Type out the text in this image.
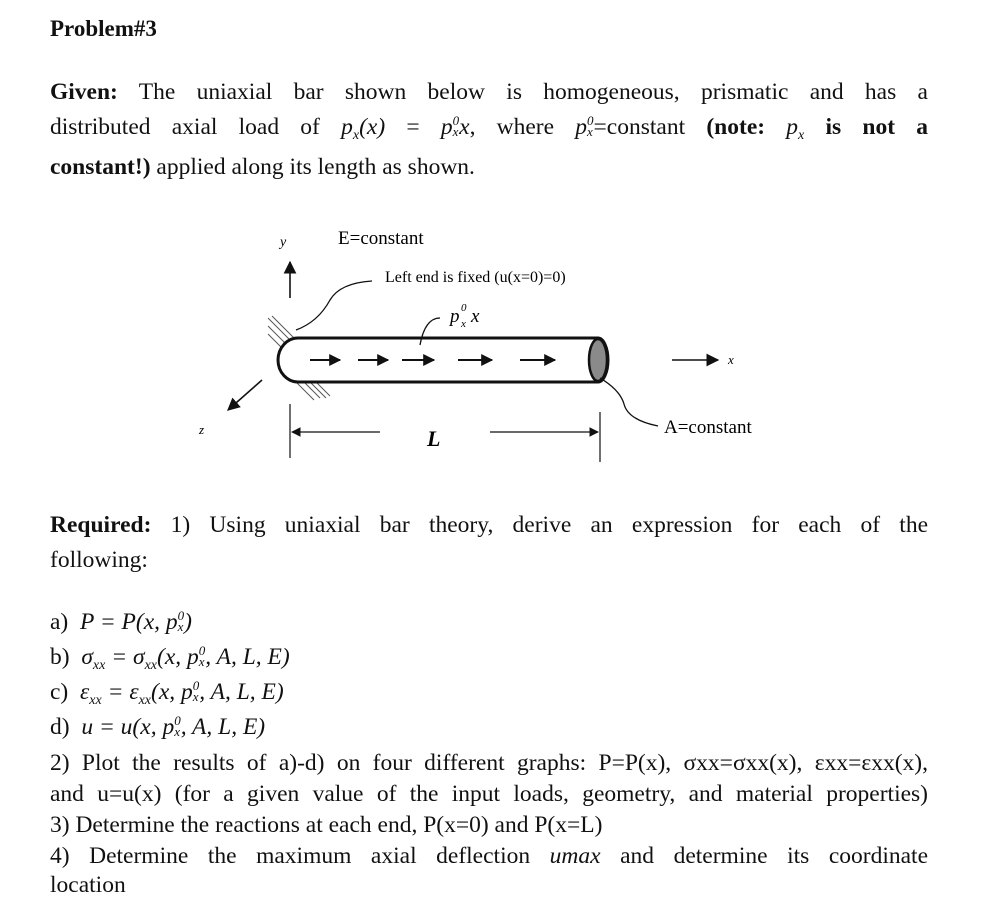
Problem#3
Given: The uniaxial bar shown below is homogeneous, prismatic and has a
distributed axial load of $p_x(x) = p$ 0
x x, where p 0
x =constant (note: $p_x$ is not a
constant!) applied along its length as shown.
y
z
E=constant
Left end is fixed (u(x=0)=0)
p 0
x x
x
L	A=constant
Required: 1) Using uniaxial bar theory, derive an expression for each of the
following:
a)  P = P(x, p 0
x )
b)  $\sigma_{xx} = \sigma_{xx}(x$, p 0
x , A, L, E)
c)  $\varepsilon_{xx} = \varepsilon_{xx}(x$, p 0
x , A, L, E)
d)  u = u(x, p 0
x , A, L, E)
2) Plot the results of a)-d) on four different graphs: P=P(x), σxx=σxx(x), εxx=εxx(x),
and u=u(x) (for a given value of the input loads, geometry, and material properties)
3) Determine the reactions at each end, P(x=0) and P(x=L)
4) Determine the maximum axial deflection umax and determine its coordinate
location
